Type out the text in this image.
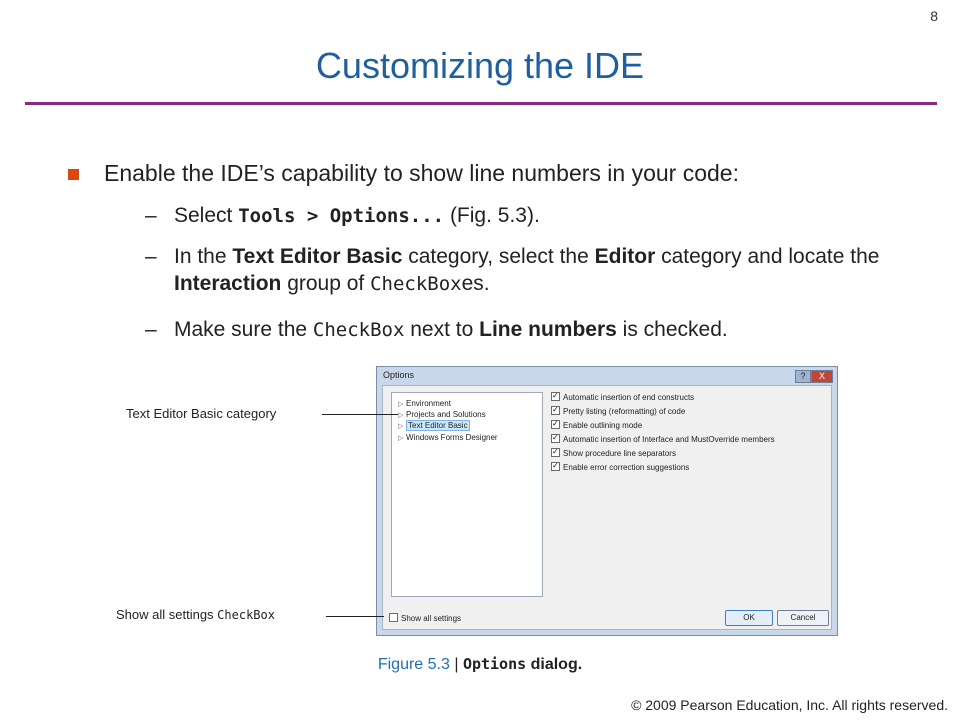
8
Customizing the IDE
Enable the IDE’s capability to show line numbers in your code:
– Select Tools > Options... (Fig. 5.3).
– In the Text Editor Basic category, select the Editor category and locate the Interaction group of CheckBoxes.
– Make sure the CheckBox next to Line numbers is checked.
Options	?	X
▷ Environment
▷ Projects and Solutions
▷ Text Editor Basic
▷ Windows Forms Designer
✓Automatic insertion of end constructs
✓Pretty listing (reformatting) of code
✓Enable outlining mode
✓Automatic insertion of Interface and MustOverride members
✓Show procedure line separators
✓Enable error correction suggestions
Show all settings	OK	Cancel
Text Editor Basic category
Show all settings CheckBox
Figure 5.3 | Options dialog.
© 2009 Pearson Education, Inc. All rights reserved.
